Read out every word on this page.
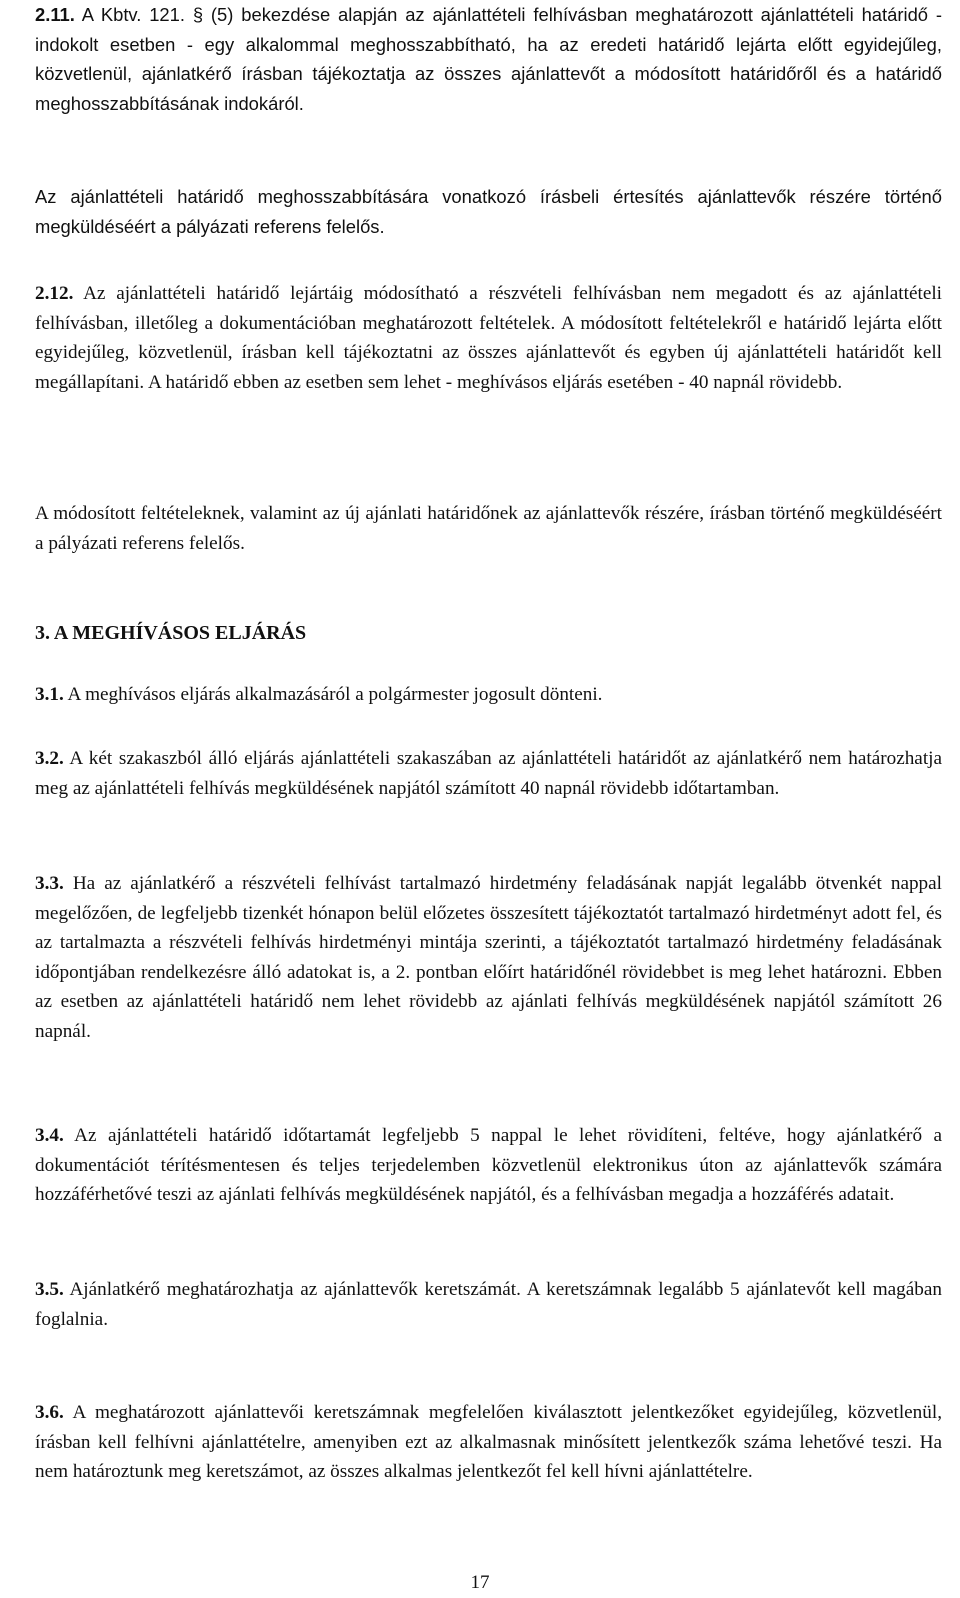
2.11. A Kbtv. 121. § (5) bekezdése alapján az ajánlattételi felhívásban meghatározott ajánlattételi határidő - indokolt esetben - egy alkalommal meghosszabbítható, ha az eredeti határidő lejárta előtt egyidejűleg, közvetlenül, ajánlatkérő írásban tájékoztatja az összes ajánlattevőt a módosított határidőről és a határidő meghosszabbításának indokáról.

Az ajánlattételi határidő meghosszabbítására vonatkozó írásbeli értesítés ajánlattevők részére történő megküldéséért a pályázati referens felelős.

2.12. Az ajánlattételi határidő lejártáig módosítható a részvételi felhívásban nem megadott és az ajánlattételi felhívásban, illetőleg a dokumentációban meghatározott feltételek. A módosított feltételekről e határidő lejárta előtt egyidejűleg, közvetlenül, írásban kell tájékoztatni az összes ajánlattevőt és egyben új ajánlattételi határidőt kell megállapítani. A határidő ebben az esetben sem lehet - meghívásos eljárás esetében - 40 napnál rövidebb.

A módosított feltételeknek, valamint az új ajánlati határidőnek az ajánlattevők részére, írásban történő megküldéséért a pályázati referens felelős.

3. A MEGHÍVÁSOS ELJÁRÁS

3.1. A meghívásos eljárás alkalmazásáról a polgármester jogosult dönteni.

3.2. A két szakaszból álló eljárás ajánlattételi szakaszában az ajánlattételi határidőt az ajánlatkérő nem határozhatja meg az ajánlattételi felhívás megküldésének napjától számított 40 napnál rövidebb időtartamban.

3.3. Ha az ajánlatkérő a részvételi felhívást tartalmazó hirdetmény feladásának napját legalább ötvenkét nappal megelőzően, de legfeljebb tizenkét hónapon belül előzetes összesített tájékoztatót tartalmazó hirdetményt adott fel, és az tartalmazta a részvételi felhívás hirdetményi mintája szerinti, a tájékoztatót tartalmazó hirdetmény feladásának időpontjában rendelkezésre álló adatokat is, a 2. pontban előírt határidőnél rövidebbet is meg lehet határozni. Ebben az esetben az ajánlattételi határidő nem lehet rövidebb az ajánlati felhívás megküldésének napjától számított 26 napnál.

3.4. Az ajánlattételi határidő időtartamát legfeljebb 5 nappal le lehet rövidíteni, feltéve, hogy ajánlatkérő a dokumentációt térítésmentesen és teljes terjedelemben közvetlenül elektronikus úton az ajánlattevők számára hozzáférhetővé teszi az ajánlati felhívás megküldésének napjától, és a felhívásban megadja a hozzáférés adatait.

3.5. Ajánlatkérő meghatározhatja az ajánlattevők keretszámát. A keretszámnak legalább 5 ajánlatevőt kell magában foglalnia.

3.6. A meghatározott ajánlattevői keretszámnak megfelelően kiválasztott jelentkezőket egyidejűleg, közvetlenül, írásban kell felhívni ajánlattételre, amenyiben ezt az alkalmasnak minősített jelentkezők száma lehetővé teszi. Ha nem határoztunk meg keretszámot, az összes alkalmas jelentkezőt fel kell hívni ajánlattételre.

17
